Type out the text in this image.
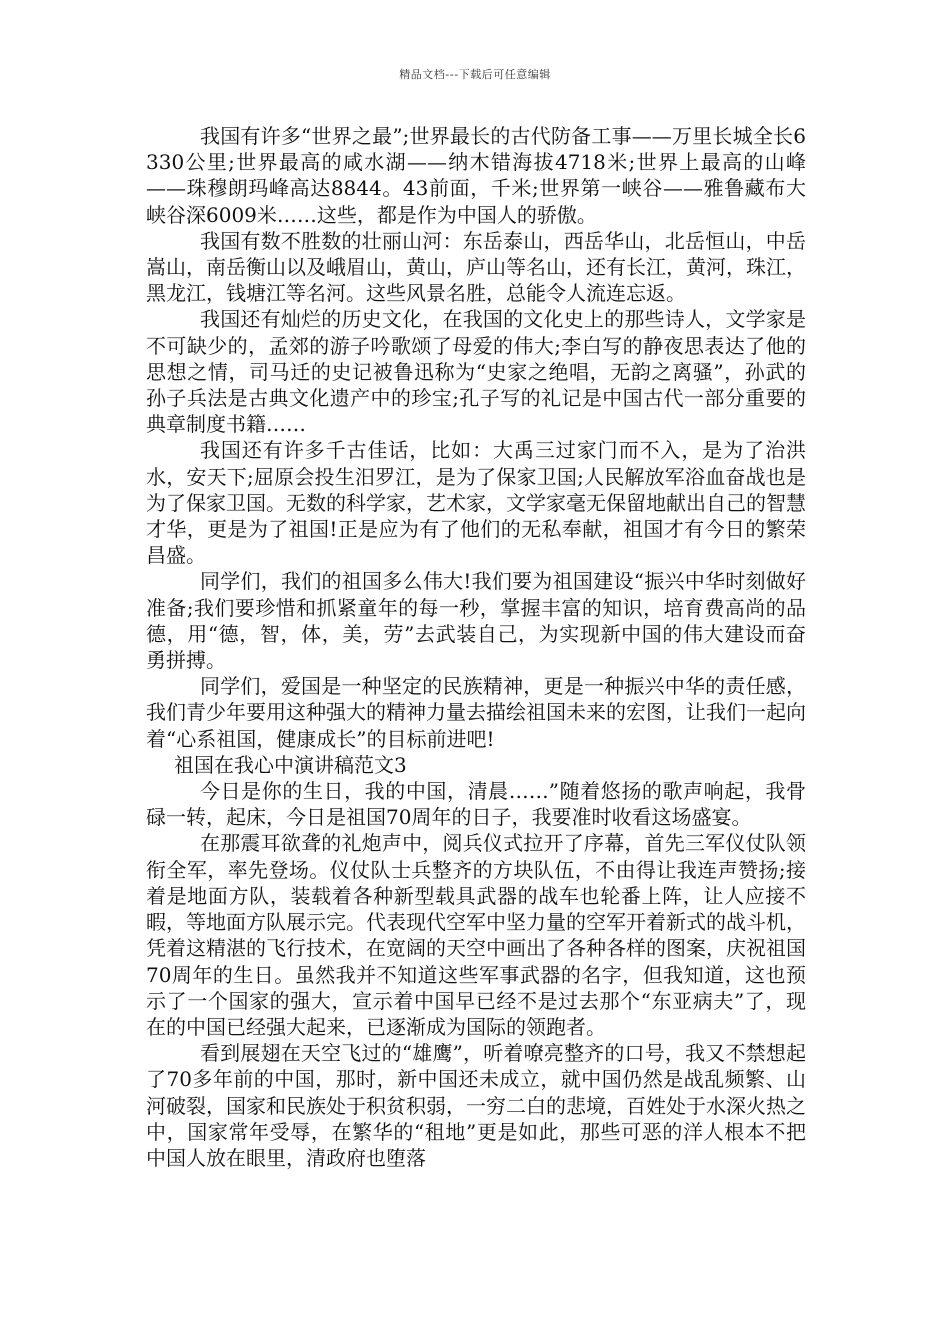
精品文档---下载后可任意编辑

我国有许多“世界之最”;世界最长的古代防备工事——万里长城全长6330公里;世界最高的咸水湖——纳木错海拔4718米;世界上最高的山峰——珠穆朗玛峰高达8844。43前面，千米;世界第一峡谷——雅鲁藏布大峡谷深6009米……这些，都是作为中国人的骄傲。

我国有数不胜数的壮丽山河：东岳泰山，西岳华山，北岳恒山，中岳嵩山，南岳衡山以及峨眉山，黄山，庐山等名山，还有长江，黄河，珠江，黑龙江，钱塘江等名河。这些风景名胜，总能令人流连忘返。

我国还有灿烂的历史文化，在我国的文化史上的那些诗人，文学家是不可缺少的，孟郊的游子吟歌颂了母爱的伟大;李白写的静夜思表达了他的思想之情，司马迁的史记被鲁迅称为“史家之绝唱，无韵之离骚”，孙武的孙子兵法是古典文化遗产中的珍宝;孔子写的礼记是中国古代一部分重要的典章制度书籍……

我国还有许多千古佳话，比如：大禹三过家门而不入，是为了治洪水，安天下;屈原会投生汨罗江，是为了保家卫国;人民解放军浴血奋战也是为了保家卫国。无数的科学家，艺术家，文学家毫无保留地献出自己的智慧才华，更是为了祖国!正是应为有了他们的无私奉献，祖国才有今日的繁荣昌盛。

同学们，我们的祖国多么伟大!我们要为祖国建设“振兴中华时刻做好准备;我们要珍惜和抓紧童年的每一秒，掌握丰富的知识，培育费高尚的品德，用“德，智，体，美，劳”去武装自己，为实现新中国的伟大建设而奋勇拼搏。

同学们，爱国是一种坚定的民族精神，更是一种振兴中华的责任感，我们青少年要用这种强大的精神力量去描绘祖国未来的宏图，让我们一起向着“心系祖国，健康成长”的目标前进吧!

祖国在我心中演讲稿范文3

今日是你的生日，我的中国，清晨……”随着悠扬的歌声响起，我骨碌一转，起床，今日是祖国70周年的日子，我要准时收看这场盛宴。

在那震耳欲聋的礼炮声中，阅兵仪式拉开了序幕，首先三军仪仗队领衔全军，率先登场。仪仗队士兵整齐的方块队伍，不由得让我连声赞扬;接着是地面方队，装载着各种新型载具武器的战车也轮番上阵，让人应接不暇，等地面方队展示完。代表现代空军中坚力量的空军开着新式的战斗机，凭着这精湛的飞行技术，在宽阔的天空中画出了各种各样的图案，庆祝祖国70周年的生日。虽然我并不知道这些军事武器的名字，但我知道，这也预示了一个国家的强大，宣示着中国早已经不是过去那个“东亚病夫”了，现在的中国已经强大起来，已逐渐成为国际的领跑者。

看到展翅在天空飞过的“雄鹰”，听着嘹亮整齐的口号，我又不禁想起了70多年前的中国，那时，新中国还未成立，就中国仍然是战乱频繁、山河破裂，国家和民族处于积贫积弱，一穷二白的悲境，百姓处于水深火热之中，国家常年受辱，在繁华的“租地”更是如此，那些可恶的洋人根本不把中国人放在眼里，清政府也堕落
